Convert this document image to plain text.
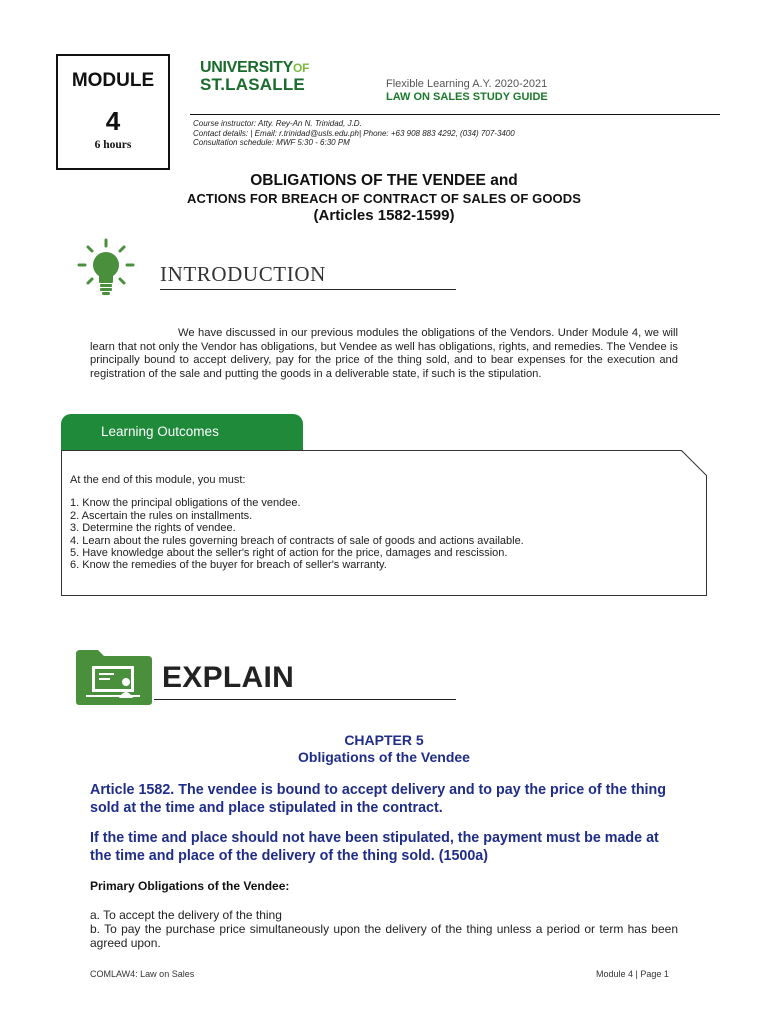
MODULE
4
6 hours
UNIVERSITYOF
ST.LASALLE	Flexible Learning A.Y. 2020-2021
LAW ON SALES STUDY GUIDE
Course instructor: Atty. Rey-An N. Trinidad, J.D.
Contact details: | Email: r.trinidad@usls.edu.ph| Phone: +63 908 883 4292, (034) 707-3400
Consultation schedule: MWF 5:30 - 6:30 PM
OBLIGATIONS OF THE VENDEE and
ACTIONS FOR BREACH OF CONTRACT OF SALES OF GOODS
(Articles 1582-1599)
INTRODUCTION
We have discussed in our previous modules the obligations of the Vendors. Under Module 4, we will learn that not only the Vendor has obligations, but Vendee as well has obligations, rights, and remedies. The Vendee is principally bound to accept delivery, pay for the price of the thing sold, and to bear expenses for the execution and registration of the sale and putting the goods in a deliverable state, if such is the stipulation.
Learning Outcomes
At the end of this module, you must:
1. Know the principal obligations of the vendee.
2. Ascertain the rules on installments.
3. Determine the rights of vendee.
4. Learn about the rules governing breach of contracts of sale of goods and actions available.
5. Have knowledge about the seller's right of action for the price, damages and rescission.
6. Know the remedies of the buyer for breach of seller's warranty.
EXPLAIN
CHAPTER 5
Obligations of the Vendee
Article 1582. The vendee is bound to accept delivery and to pay the price of the thing sold at the time and place stipulated in the contract.
If the time and place should not have been stipulated, the payment must be made at the time and place of the delivery of the thing sold. (1500a)
Primary Obligations of the Vendee:
a. To accept the delivery of the thing
b. To pay the purchase price simultaneously upon the delivery of the thing unless a period or term has been agreed upon.
COMLAW4: Law on Sales	Module 4 | Page 1
